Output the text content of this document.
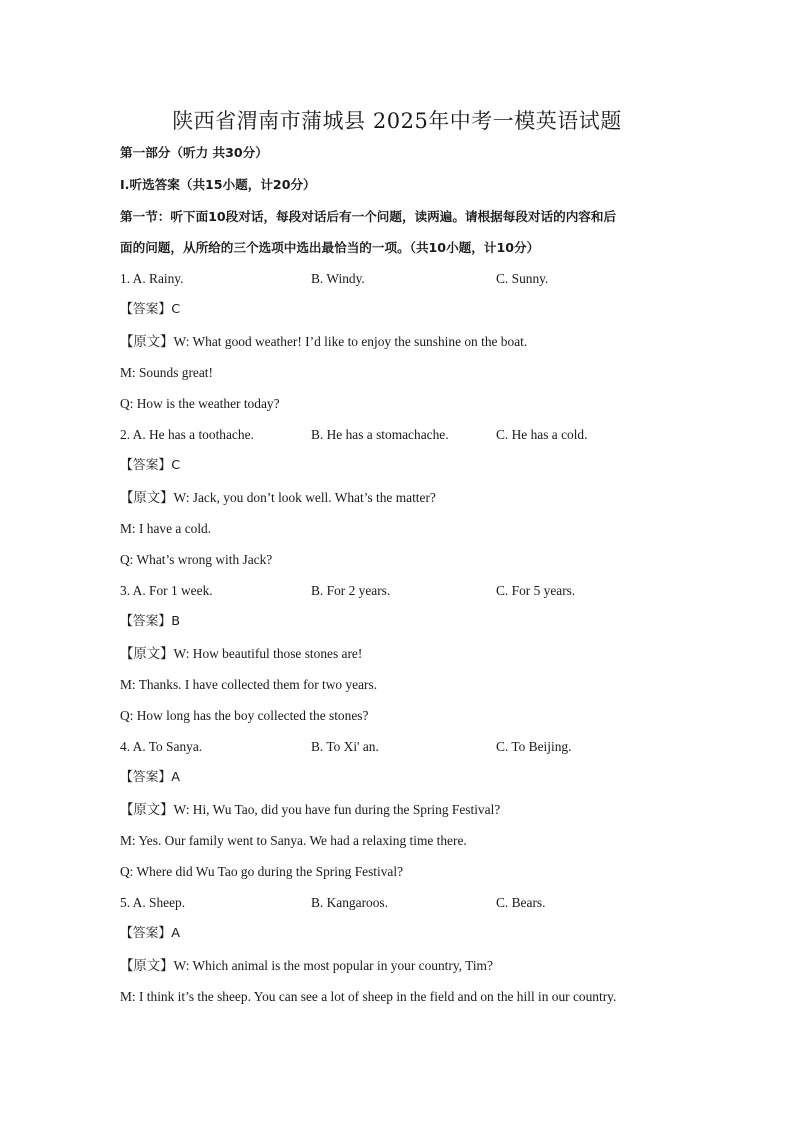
陕西省渭南市蒲城县 2025年中考一模英语试题
第一部分（听力 共30分）
Ⅰ.听选答案（共15小题，计20分）
第一节：听下面10段对话，每段对话后有一个问题，读两遍。请根据每段对话的内容和后
面的问题，从所给的三个选项中选出最恰当的一项。（共10小题，计10分）
1. A. Rainy.	B. Windy.	C. Sunny.
【答案】C
【原文】W: What good weather! I’d like to enjoy the sunshine on the boat.
M: Sounds great!
Q: How is the weather today?
2. A. He has a toothache.	B. He has a stomachache.	C. He has a cold.
【答案】C
【原文】W: Jack, you don’t look well. What’s the matter?
M: I have a cold.
Q: What’s wrong with Jack?
3. A. For 1 week.	B. For 2 years.	C. For 5 years.
【答案】B
【原文】W: How beautiful those stones are!
M: Thanks. I have collected them for two years.
Q: How long has the boy collected the stones?
4. A. To Sanya.	B. To Xi' an.	C. To Beijing.
【答案】A
【原文】W: Hi, Wu Tao, did you have fun during the Spring Festival?
M: Yes. Our family went to Sanya. We had a relaxing time there.
Q: Where did Wu Tao go during the Spring Festival?
5. A. Sheep.	B. Kangaroos.	C. Bears.
【答案】A
【原文】W: Which animal is the most popular in your country, Tim?
M: I think it’s the sheep. You can see a lot of sheep in the field and on the hill in our country.
